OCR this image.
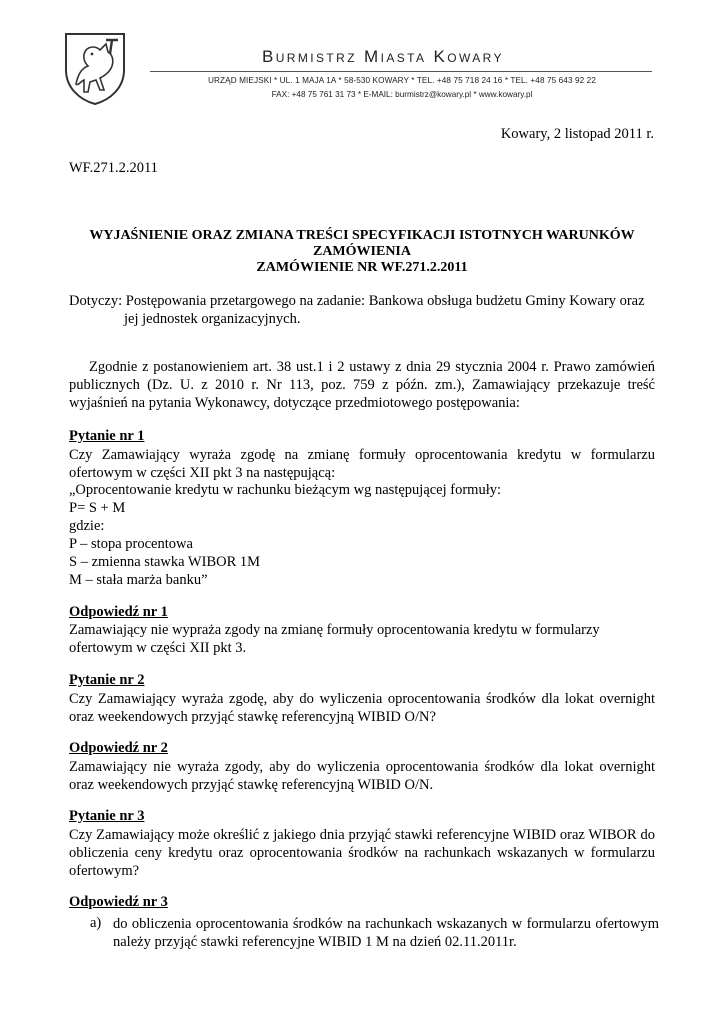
Burmistrz Miasta Kowary
URZĄD MIEJSKI * UL. 1 MAJA 1A * 58-530 KOWARY * TEL. +48 75 718 24 16 * TEL. +48 75 643 92 22
FAX: +48 75 761 31 73 * E-MAIL: burmistrz@kowary.pl * www.kowary.pl
Kowary, 2 listopad 2011 r.
WF.271.2.2011
WYJAŚNIENIE ORAZ ZMIANA TREŚCI SPECYFIKACJI ISTOTNYCH WARUNKÓW
ZAMÓWIENIA
ZAMÓWIENIE NR WF.271.2.2011
Dotyczy: Postępowania przetargowego na zadanie: Bankowa obsługa budżetu Gminy Kowary oraz
jej jednostek organizacyjnych.
Zgodnie z postanowieniem art. 38 ust.1 i 2 ustawy z dnia 29 stycznia 2004 r. Prawo zamówień publicznych (Dz. U. z 2010 r. Nr 113, poz. 759 z późn. zm.), Zamawiający przekazuje treść wyjaśnień na pytania Wykonawcy, dotyczące przedmiotowego postępowania:
Pytanie nr 1
Czy Zamawiający wyraża zgodę na zmianę formuły oprocentowania kredytu w formularzu ofertowym w części XII pkt 3 na następującą:
„Oprocentowanie kredytu w rachunku bieżącym wg następującej formuły:
P= S + M
gdzie:
P – stopa procentowa
S – zmienna stawka WIBOR 1M
M – stała marża banku”
Odpowiedź nr 1
Zamawiający nie wypraża zgody na zmianę formuły oprocentowania kredytu w formularzy
ofertowym w części XII pkt 3.
Pytanie nr 2
Czy Zamawiający wyraża zgodę, aby do wyliczenia oprocentowania środków dla lokat overnight oraz weekendowych przyjąć stawkę referencyjną WIBID O/N?
Odpowiedź nr 2
Zamawiający nie wyraża zgody, aby do wyliczenia oprocentowania środków dla lokat overnight oraz weekendowych przyjąć stawkę referencyjną WIBID O/N.
Pytanie nr 3
Czy Zamawiający może określić z jakiego dnia przyjąć stawki referencyjne WIBID oraz WIBOR do obliczenia ceny kredytu oraz oprocentowania środków na rachunkach wskazanych w formularzu ofertowym?
Odpowiedź nr 3
a) do obliczenia oprocentowania środków na rachunkach wskazanych w formularzu ofertowym należy przyjąć stawki referencyjne WIBID 1 M na dzień 02.11.2011r.
